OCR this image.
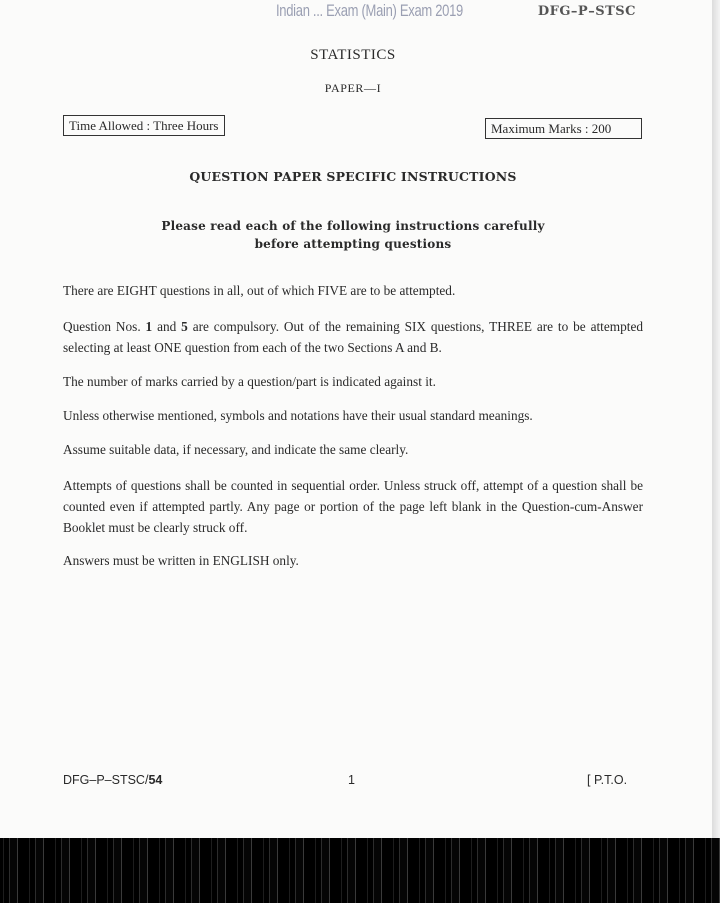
Indian ... Exam (Main) Exam 2019	DFG–P–STSC
STATISTICS
PAPER—I
Time Allowed : Three Hours	Maximum Marks : 200
QUESTION PAPER SPECIFIC INSTRUCTIONS
Please read each of the following instructions carefully
before attempting questions
There are EIGHT questions in all, out of which FIVE are to be attempted.
Question Nos. 1 and 5 are compulsory. Out of the remaining SIX questions, THREE are to be attempted selecting at least ONE question from each of the two Sections A and B.
The number of marks carried by a question/part is indicated against it.
Unless otherwise mentioned, symbols and notations have their usual standard meanings.
Assume suitable data, if necessary, and indicate the same clearly.
Attempts of questions shall be counted in sequential order. Unless struck off, attempt of a question shall be counted even if attempted partly. Any page or portion of the page left blank in the Question-cum-Answer Booklet must be clearly struck off.
Answers must be written in ENGLISH only.
DFG–P–STSC/54	1	[ P.T.O.
